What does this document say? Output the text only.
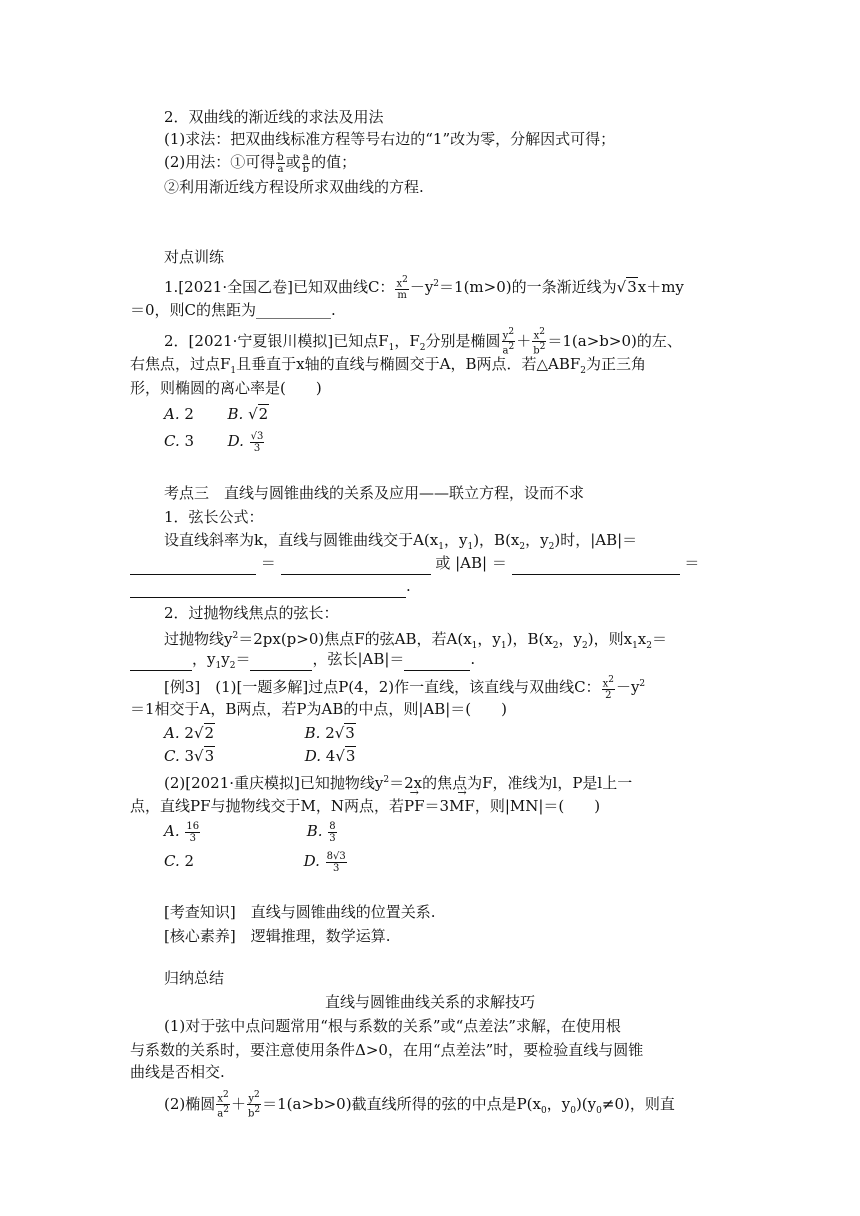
2．双曲线的渐近线的求法及用法
(1)求法：把双曲线标准方程等号右边的“1”改为零，分解因式可得；
(2)用法：①可得 $\frac{b}{a}$ 或 $\frac{a}{b}$ 的值；
②利用渐近线方程设所求双曲线的方程.
对点训练
1.[2021·全国乙卷]已知双曲线C： $\frac{x^2}{m} -y^2=1(m>0)$的一条渐近线为√3x＋my
＝0，则C的焦距为__________.
2．[2021·宁夏银川模拟]已知点$F_1$，$F_2$分别是椭圆 $\frac{y^2}{a^2} + \frac{x^2}{b^2} =1(a>b>0)$的左、
右焦点，过点$F_1$且垂直于x轴的直线与椭圆交于A，B两点．若$\triangle ABF_2$为正三角
形，则椭圆的离心率是(　　)
A. 2 B. √2
C. 3 D. $\frac{√3}{3}$
考点三　直线与圆锥曲线的关系及应用——联立方程，设而不求
1．弦长公式：
设直线斜率为k，直线与圆锥曲线交于$A(x_1$，$y_1$)，$B(x_2$，$y_2$)时，|AB|＝
＝	或 |AB| ＝	＝
.
2．过抛物线焦点的弦长：
过抛物线$y^2=2px(p>0)$焦点F的弦AB，若$A(x_1$，$y_1$)，$B(x_2$，$y_2$)，则$x_1x_2=$
，$y_1y_2=$	，弦长|AB|＝	.
[例3]　(1)[一题多解]过点P(4，2)作一直线，该直线与双曲线C： $\frac{x^2}{2} -y^2$
＝1相交于A，B两点，若P为AB的中点，则|AB|＝(　　)
A. 2√2	B. 2√3
C. 3√3	D. 4√3
(2)[2021·重庆模拟]已知抛物线$y^2=2x$的焦点为F，准线为l，P是l上一
点，直线PF与抛物线交于M，N两点，若→ PF＝3→ MF，则|MN|＝(　　)
A. $\frac{16}{3}$	B. $\frac{8}{3}$
C. 2	D. $\frac{8√3}{3}$
[考查知识]　直线与圆锥曲线的位置关系.
[核心素养]　逻辑推理，数学运算.
归纳总结
直线与圆锥曲线关系的求解技巧
(1)对于弦中点问题常用“根与系数的关系”或“点差法”求解，在使用根
与系数的关系时，要注意使用条件Δ>0，在用“点差法”时，要检验直线与圆锥
曲线是否相交.
(2)椭圆 $\frac{x^2}{a^2} + \frac{y^2}{b^2} =1(a>b>0)$截直线所得的弦的中点是$P(x_0$，$y_0)(y_0\ne 0)$，则直
